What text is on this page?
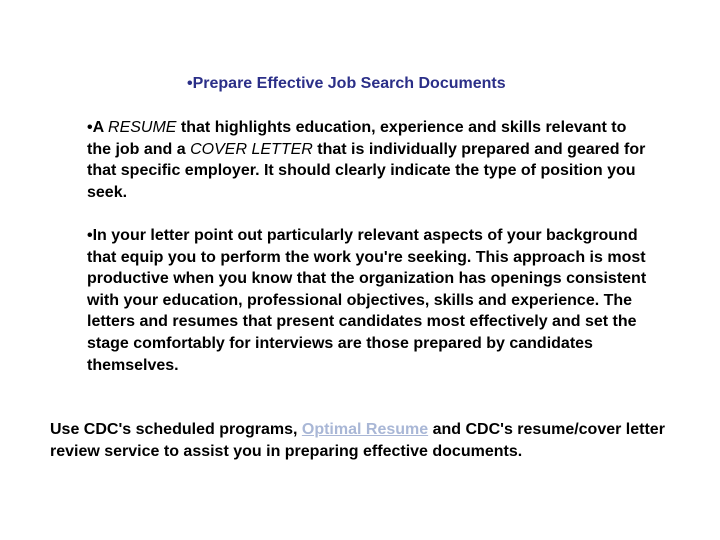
•Prepare Effective Job Search Documents
•A RESUME that highlights education, experience and skills relevant to the job and a COVER LETTER that is individually prepared and geared for that specific employer. It should clearly indicate the type of position you seek.
•In your letter point out particularly relevant aspects of your background that equip you to perform the work you're seeking. This approach is most productive when you know that the organization has openings consistent with your education, professional objectives, skills and experience. The letters and resumes that present candidates most effectively and set the stage comfortably for interviews are those prepared by candidates themselves.
Use CDC's scheduled programs, Optimal Resume and CDC's resume/cover letter review service to assist you in preparing effective documents.
